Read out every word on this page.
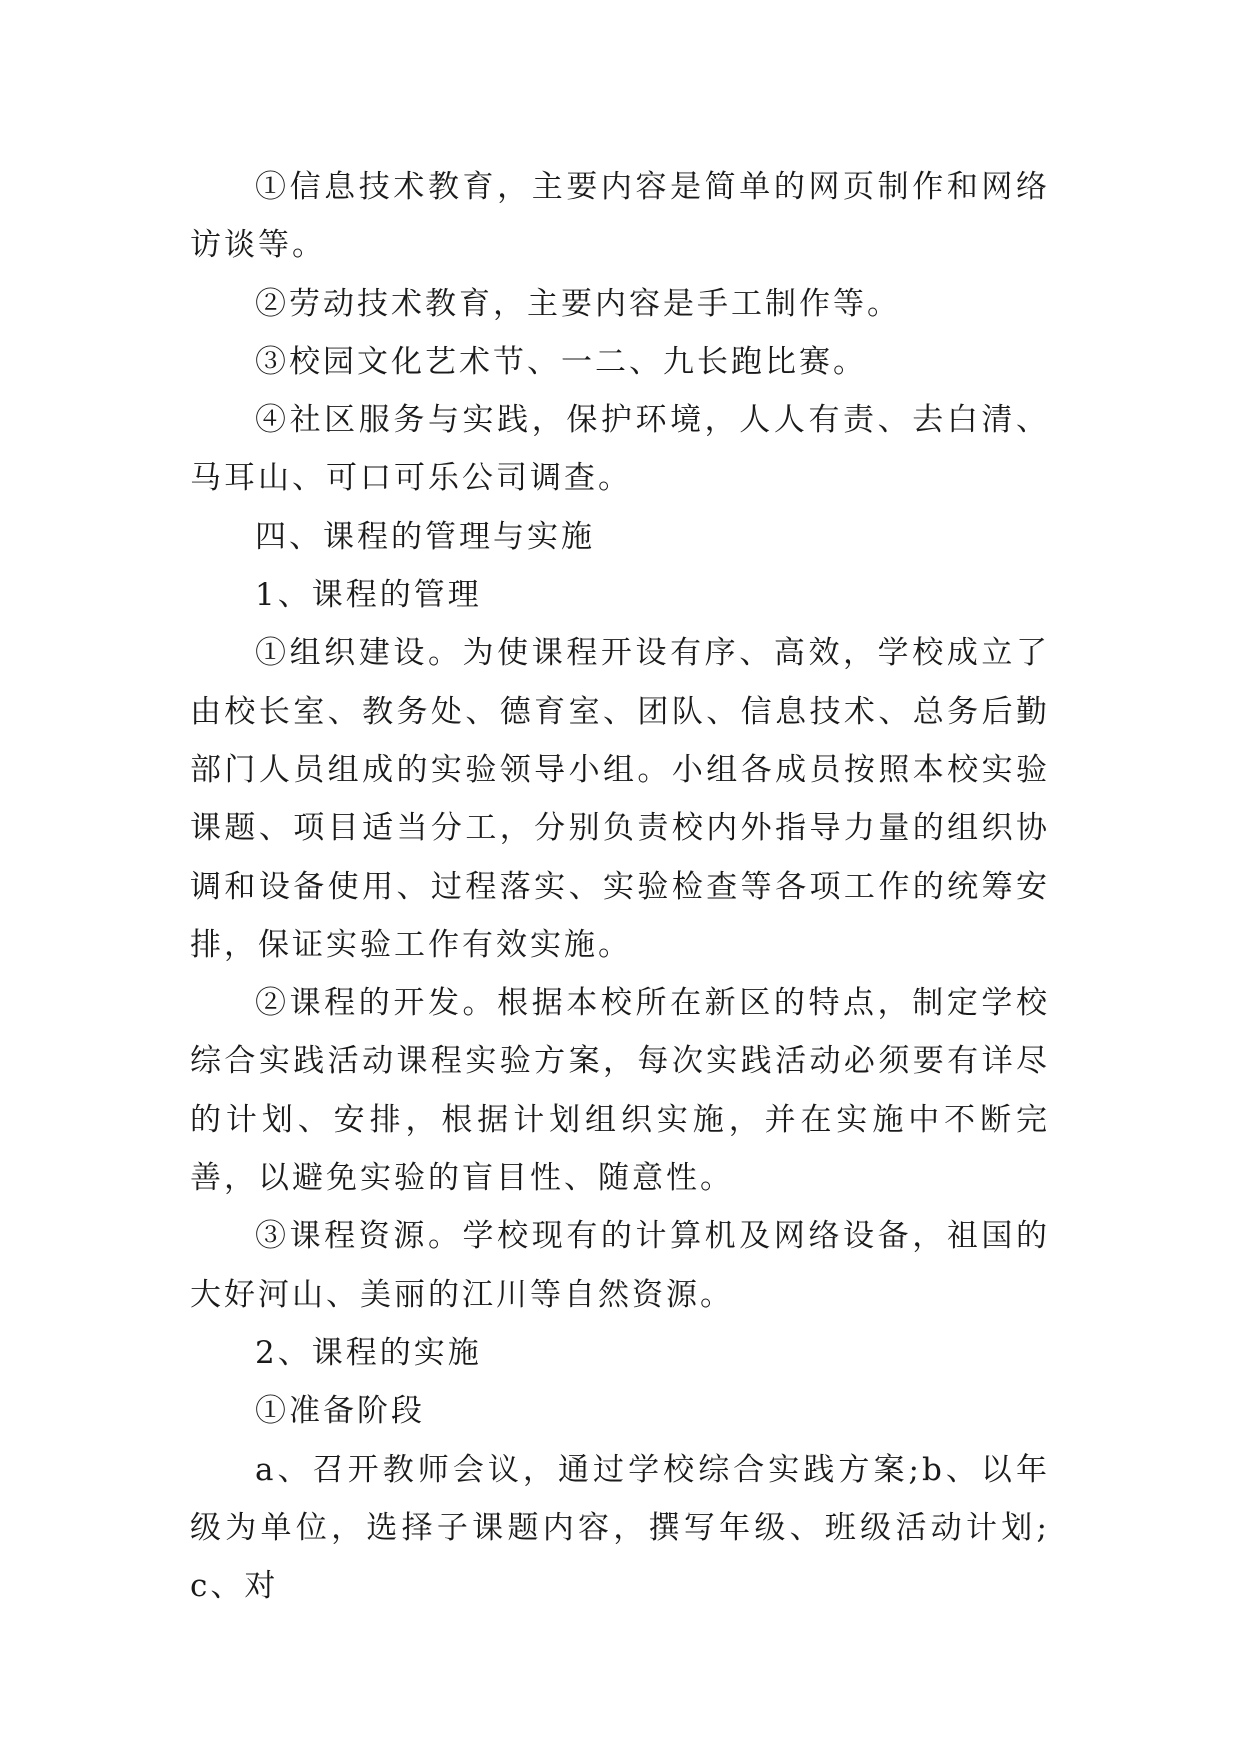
①信息技术教育，主要内容是简单的网页制作和网络访谈等。

②劳动技术教育，主要内容是手工制作等。

③校园文化艺术节、一二、九长跑比赛。

④社区服务与实践，保护环境，人人有责、去白清、马耳山、可口可乐公司调查。

四、课程的管理与实施

1、课程的管理

①组织建设。为使课程开设有序、高效，学校成立了由校长室、教务处、德育室、团队、信息技术、总务后勤部门人员组成的实验领导小组。小组各成员按照本校实验课题、项目适当分工，分别负责校内外指导力量的组织协调和设备使用、过程落实、实验检查等各项工作的统筹安排，保证实验工作有效实施。

②课程的开发。根据本校所在新区的特点，制定学校综合实践活动课程实验方案，每次实践活动必须要有详尽的计划、安排，根据计划组织实施，并在实施中不断完善，以避免实验的盲目性、随意性。

③课程资源。学校现有的计算机及网络设备，祖国的大好河山、美丽的江川等自然资源。

2、课程的实施

①准备阶段

a、召开教师会议，通过学校综合实践方案;b、以年级为单位，选择子课题内容，撰写年级、班级活动计划;c、对
